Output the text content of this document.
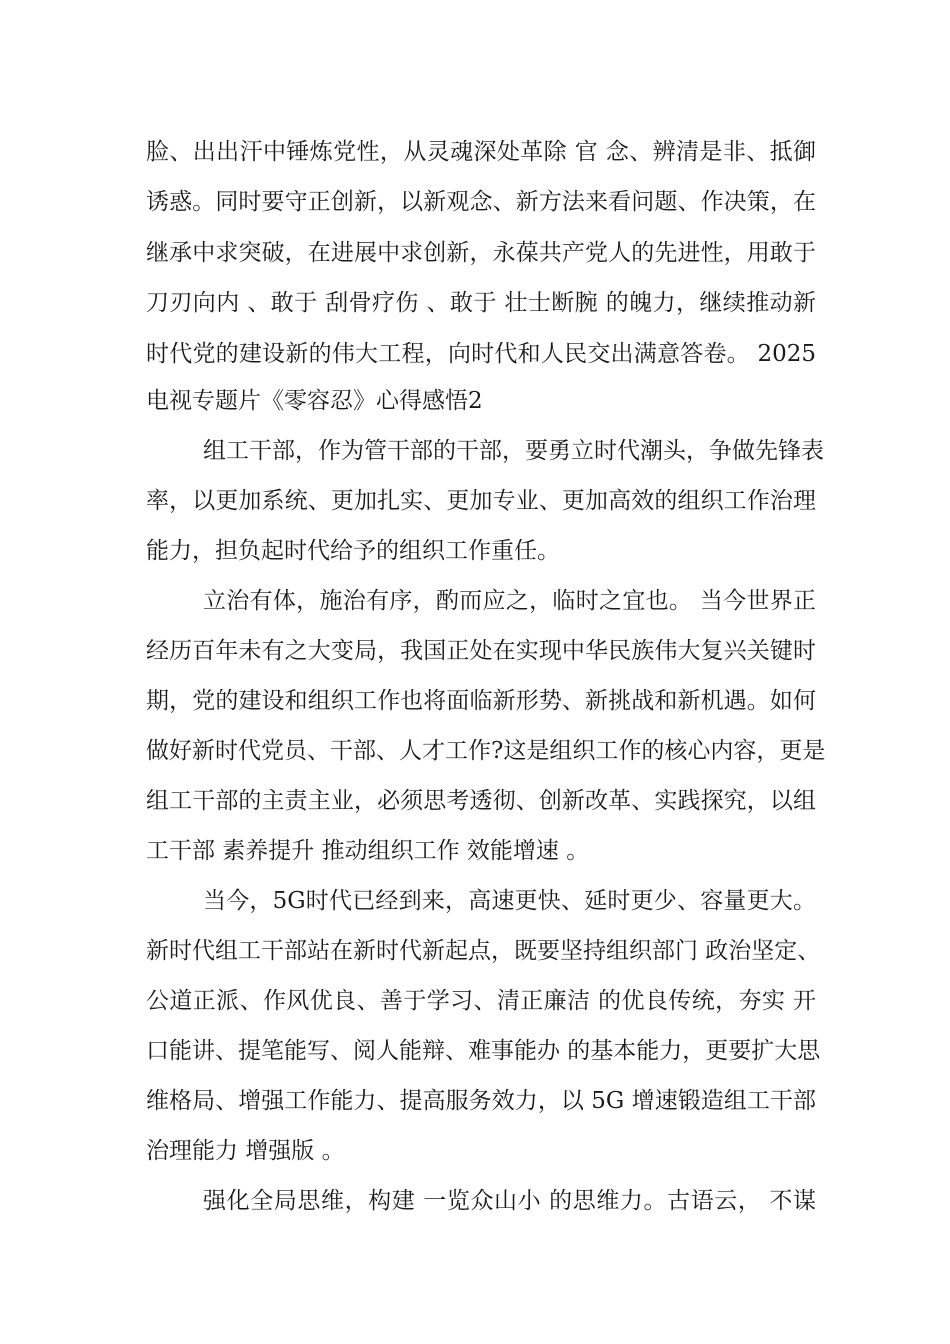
脸、出出汗中锤炼党性，从灵魂深处革除 官 念、辨清是非、抵御
诱惑。同时要守正创新，以新观念、新方法来看问题、作决策，在
继承中求突破，在进展中求创新，永葆共产党人的先进性，用敢于
刀刃向内 、敢于 刮骨疗伤 、敢于 壮士断腕 的魄力，继续推动新
时代党的建设新的伟大工程，向时代和人民交出满意答卷。 2025
电视专题片《零容忍》心得感悟2
组工干部，作为管干部的干部，要勇立时代潮头，争做先锋表
率，以更加系统、更加扎实、更加专业、更加高效的组织工作治理
能力，担负起时代给予的组织工作重任。
立治有体，施治有序，酌而应之，临时之宜也。 当今世界正
经历百年未有之大变局，我国正处在实现中华民族伟大复兴关键时
期，党的建设和组织工作也将面临新形势、新挑战和新机遇。如何
做好新时代党员、干部、人才工作?这是组织工作的核心内容，更是
组工干部的主责主业，必须思考透彻、创新改革、实践探究，以组
工干部 素养提升 推动组织工作 效能增速 。
当今，5G时代已经到来，高速更快、延时更少、容量更大。
新时代组工干部站在新时代新起点，既要坚持组织部门 政治坚定、
公道正派、作风优良、善于学习、清正廉洁 的优良传统，夯实 开
口能讲、提笔能写、阅人能辩、难事能办 的基本能力，更要扩大思
维格局、增强工作能力、提高服务效力，以 5G 增速锻造组工干部
治理能力 增强版 。
强化全局思维，构建 一览众山小 的思维力。古语云， 不谋
